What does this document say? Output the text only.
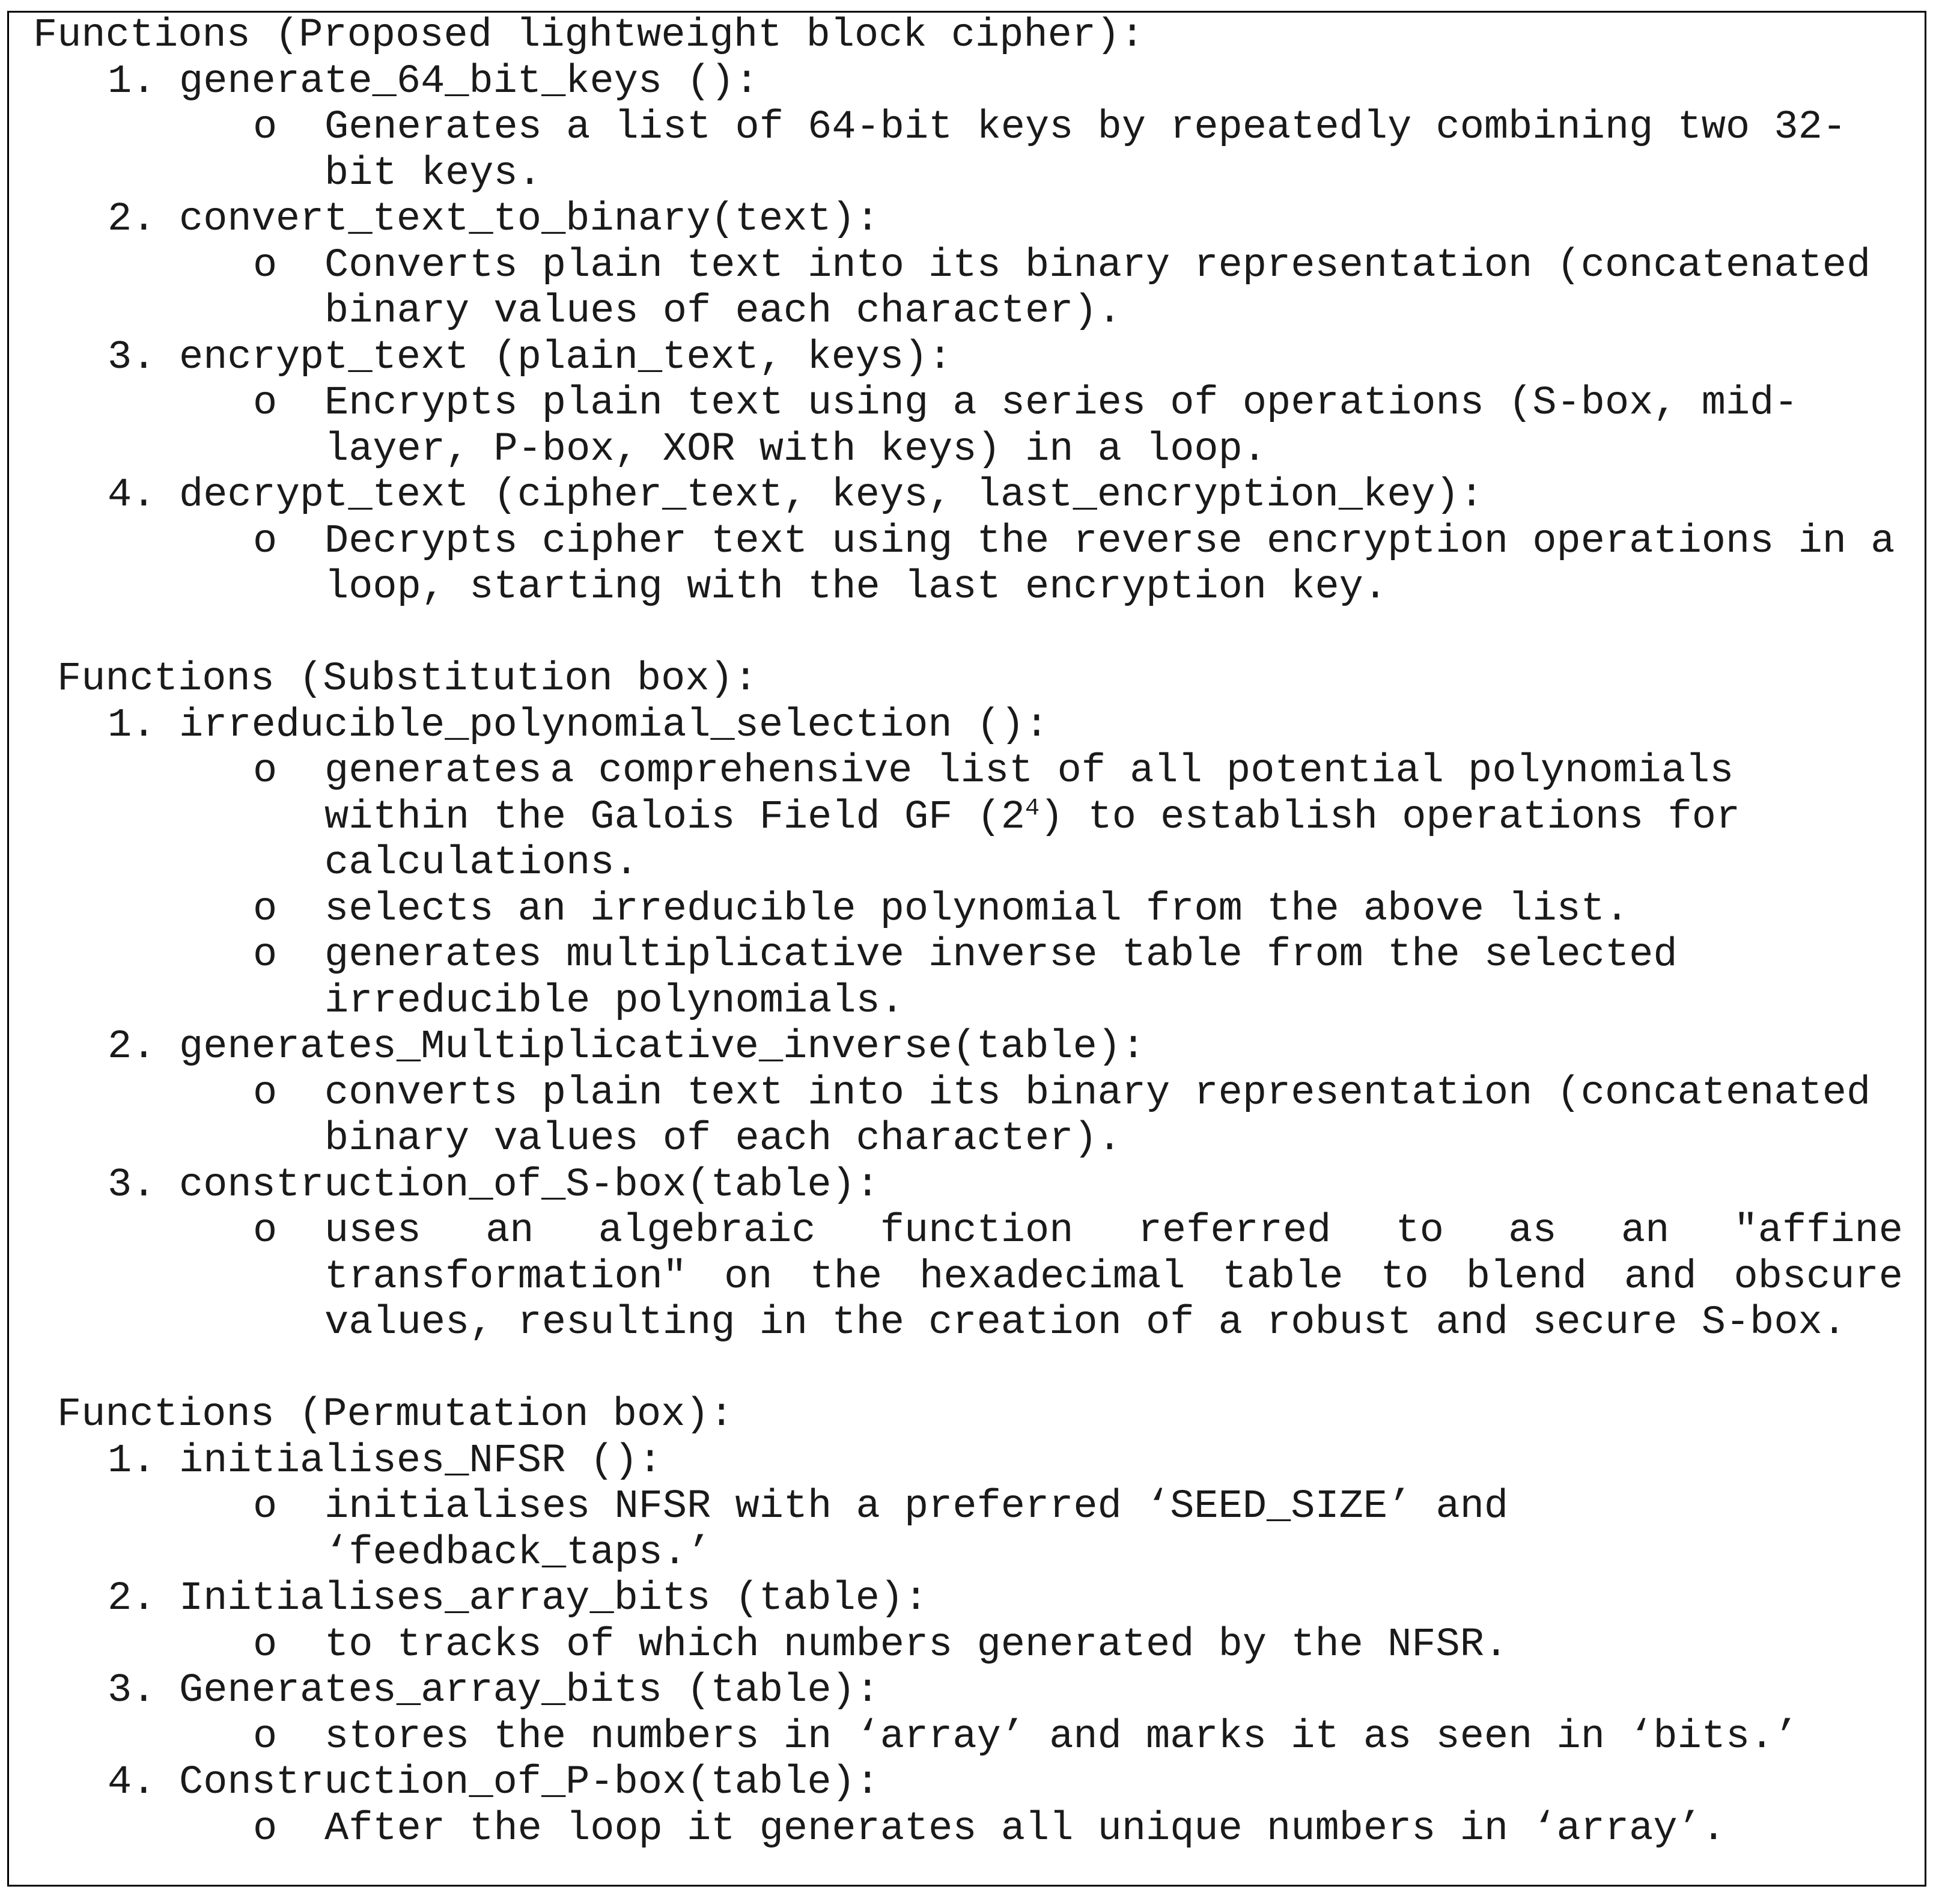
Functions (Proposed lightweight block cipher):
1. generate_64_bit_keys ():
o Generates a list of 64-bit keys by repeatedly combining two 32-
bit keys.
2. convert_text_to_binary(text):
o Converts plain text into its binary representation (concatenated
binary values of each character).
3. encrypt_text (plain_text, keys):
o Encrypts plain text using a series of operations (S-box, mid-
layer, P-box, XOR with keys) in a loop.
4. decrypt_text (cipher_text, keys, last_encryption_key):
o Decrypts cipher text using the reverse encryption operations in a
loop, starting with the last encryption key.
Functions (Substitution box):
1. irreducible_polynomial_selection ():
o generates a comprehensive list of all potential polynomials
within the Galois Field GF $(2^4)$ to establish operations for
calculations.
o selects an irreducible polynomial from the above list.
o generates multiplicative inverse table from the selected
irreducible polynomials.
2. generates_Multiplicative_inverse(table):
o converts plain text into its binary representation (concatenated
binary values of each character).
3. construction_of_S-box(table):
o uses an algebraic function referred to as an "affine
transformation" on the hexadecimal table to blend and obscure
values, resulting in the creation of a robust and secure S-box.
Functions (Permutation box):
1. initialises_NFSR ():
o initialises NFSR with a preferred ‘SEED_SIZE’ and
‘feedback_taps.’
2. Initialises_array_bits (table):
o to tracks of which numbers generated by the NFSR.
3. Generates_array_bits (table):
o stores the numbers in ‘array’ and marks it as seen in ‘bits.’
4. Construction_of_P-box(table):
o After the loop it generates all unique numbers in ‘array’.
